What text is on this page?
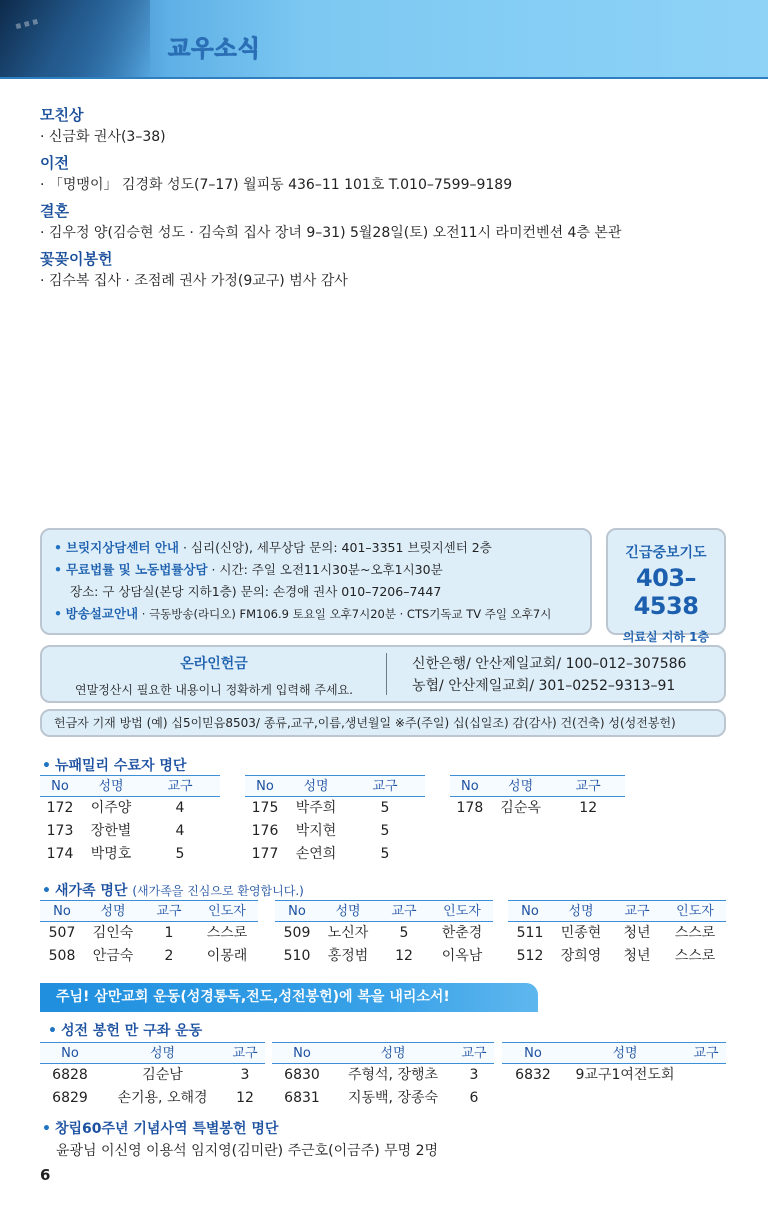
⋯
교우소식
모친상

· 신금화 권사(3–38)

이전

· 「명맹이」 김경화 성도(7–17) 월피동 436–11 101호 T.010–7599–9189

결혼

· 김우정 양(김승현 성도 · 김숙희 집사 장녀 9–31) 5월28일(토) 오전11시 라미컨벤션 4층 본관

꽃꽂이봉헌

· 김수복 집사 · 조점례 권사 가정(9교구) 범사 감사

• 브릿지상담센터 안내 · 심리(신앙), 세무상담 문의: 401–3351 브릿지센터 2층
• 무료법률 및 노동법률상담 · 시간: 주일 오전11시30분~오후1시30분
장소: 구 상담실(본당 지하1층) 문의: 손경애 권사 010–7206–7447
• 방송설교안내 · 극동방송(라디오) FM106.9 토요일 오후7시20분 · CTS기독교 TV 주일 오후7시
긴급중보기도
403–4538
의료실 지하 1층
온라인헌금
연말정산시 필요한 내용이니 정확하게 입력해 주세요.
신한은행/ 안산제일교회/ 100–012–307586
농협/ 안산제일교회/ 301–0252–9313–91
헌금자 기재 방법 (예) 십5이믿음8503/ 종류,교구,이름,생년월일 ※주(주일) 십(십일조) 감(감사) 건(건축) 성(성전봉헌)
• 뉴패밀리 수료자 명단
No	성명	교구
172	이주양	4
173	장한별	4
174	박명호	5
No	성명	교구
175	박주희	5
176	박지현	5
177	손연희	5
No	성명	교구
178	김순옥	12
• 새가족 명단 (새가족을 진심으로 환영합니다.)
No	성명	교구	인도자
507	김인숙	1	스스로
508	안금숙	2	이몽래
No	성명	교구	인도자
509	노신자	5	한춘경
510	홍정범	12	이옥남
No	성명	교구	인도자
511	민종현	청년	스스로
512	장희영	청년	스스로
주님! 삼만교회 운동(성경통독,전도,성전봉헌)에 복을 내리소서!
• 성전 봉헌 만 구좌 운동
No	성명	교구
6828	김순남	3
6829	손기용, 오해경	12
No	성명	교구
6830	주형석, 장행초	3
6831	지동백, 장종숙	6
No	성명	교구
6832	9교구1여전도회
• 창립60주년 기념사역 특별봉헌 명단
윤광님 이신영 이용석 임지영(김미란) 주근호(이금주) 무명 2명
6
